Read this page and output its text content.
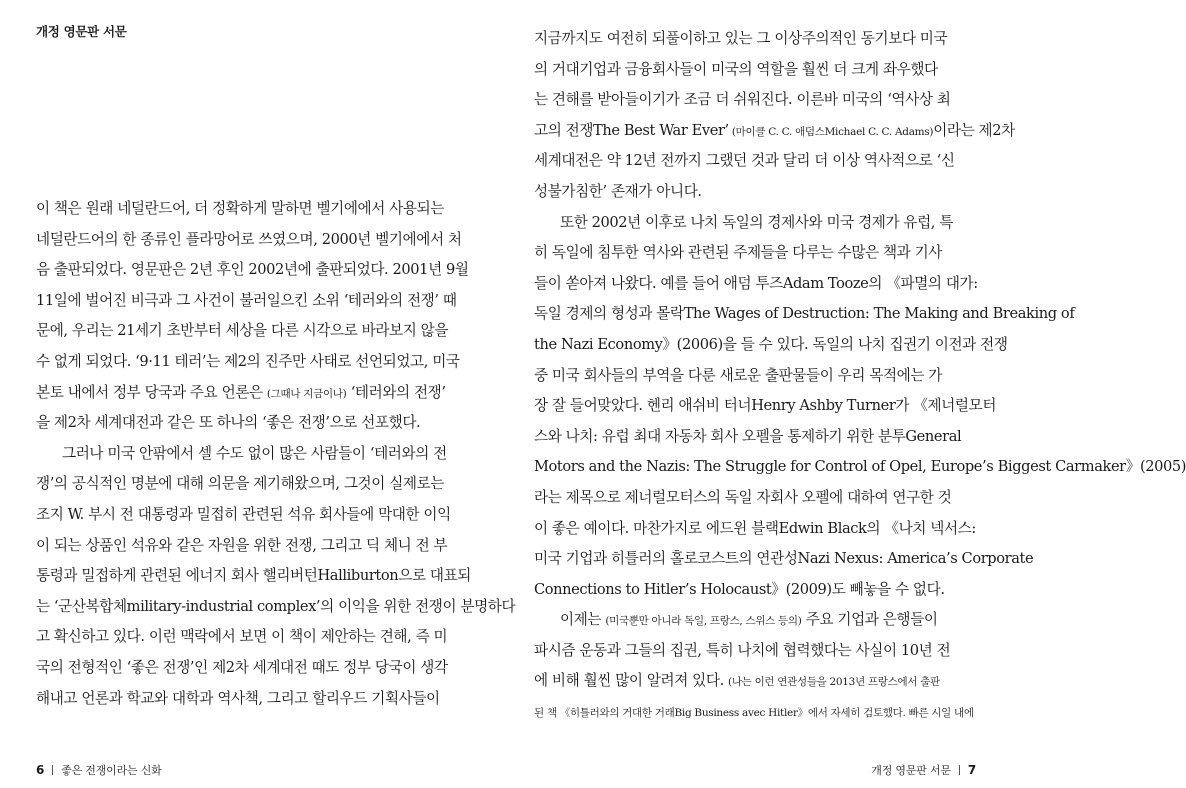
개정 영문판 서문
이 책은 원래 네덜란드어, 더 정확하게 말하면 벨기에에서 사용되는
네덜란드어의 한 종류인 플라망어로 쓰였으며, 2000년 벨기에에서 처
음 출판되었다. 영문판은 2년 후인 2002년에 출판되었다. 2001년 9월
11일에 벌어진 비극과 그 사건이 불러일으킨 소위 ‘테러와의 전쟁’ 때
문에, 우리는 21세기 초반부터 세상을 다른 시각으로 바라보지 않을
수 없게 되었다. ‘9·11 테러’는 제2의 진주만 사태로 선언되었고, 미국
본토 내에서 정부 당국과 주요 언론은 (그때나 지금이나) ‘테러와의 전쟁’
을 제2차 세계대전과 같은 또 하나의 ‘좋은 전쟁’으로 선포했다.
그러나 미국 안팎에서 셀 수도 없이 많은 사람들이 ‘테러와의 전
쟁’의 공식적인 명분에 대해 의문을 제기해왔으며, 그것이 실제로는
조지 W. 부시 전 대통령과 밀접히 관련된 석유 회사들에 막대한 이익
이 되는 상품인 석유와 같은 자원을 위한 전쟁, 그리고 딕 체니 전 부
통령과 밀접하게 관련된 에너지 회사 핼리버턴Halliburton으로 대표되
는 ‘군산복합체military-industrial complex’의 이익을 위한 전쟁이 분명하다
고 확신하고 있다. 이런 맥락에서 보면 이 책이 제안하는 견해, 즉 미
국의 전형적인 ‘좋은 전쟁’인 제2차 세계대전 때도 정부 당국이 생각
해내고 언론과 학교와 대학과 역사책, 그리고 할리우드 기획사들이
6 좋은 전쟁이라는 신화
지금까지도 여전히 되풀이하고 있는 그 이상주의적인 동기보다 미국
의 거대기업과 금융회사들이 미국의 역할을 훨씬 더 크게 좌우했다
는 견해를 받아들이기가 조금 더 쉬워진다. 이른바 미국의 ‘역사상 최
고의 전쟁The Best War Ever’ (마이클 C. C. 애덤스Michael C. C. Adams)이라는 제2차
세계대전은 약 12년 전까지 그랬던 것과 달리 더 이상 역사적으로 ‘신
성불가침한’ 존재가 아니다.
또한 2002년 이후로 나치 독일의 경제사와 미국 경제가 유럽, 특
히 독일에 침투한 역사와 관련된 주제들을 다루는 수많은 책과 기사
들이 쏟아져 나왔다. 예를 들어 애덤 투즈Adam Tooze의 《파멸의 대가:
독일 경제의 형성과 몰락The Wages of Destruction: The Making and Breaking of
the Nazi Economy》(2006)을 들 수 있다. 독일의 나치 집권기 이전과 전쟁
중 미국 회사들의 부역을 다룬 새로운 출판물들이 우리 목적에는 가
장 잘 들어맞았다. 헨리 애쉬비 터너Henry Ashby Turner가 《제너럴모터
스와 나치: 유럽 최대 자동차 회사 오펠을 통제하기 위한 분투General
Motors and the Nazis: The Struggle for Control of Opel, Europe’s Biggest Carmaker》(2005)
라는 제목으로 제너럴모터스의 독일 자회사 오펠에 대하여 연구한 것
이 좋은 예이다. 마찬가지로 에드윈 블랙Edwin Black의 《나치 넥서스:
미국 기업과 히틀러의 홀로코스트의 연관성Nazi Nexus: America’s Corporate
Connections to Hitler’s Holocaust》(2009)도 빼놓을 수 없다.
이제는 (미국뿐만 아니라 독일, 프랑스, 스위스 등의) 주요 기업과 은행들이
파시즘 운동과 그들의 집권, 특히 나치에 협력했다는 사실이 10년 전
에 비해 훨씬 많이 알려져 있다. (나는 이런 연관성들을 2013년 프랑스에서 출판
된 책 《히틀러와의 거대한 거래Big Business avec Hitler》에서 자세히 검토했다. 빠른 시일 내에
개정 영문판 서문 7
